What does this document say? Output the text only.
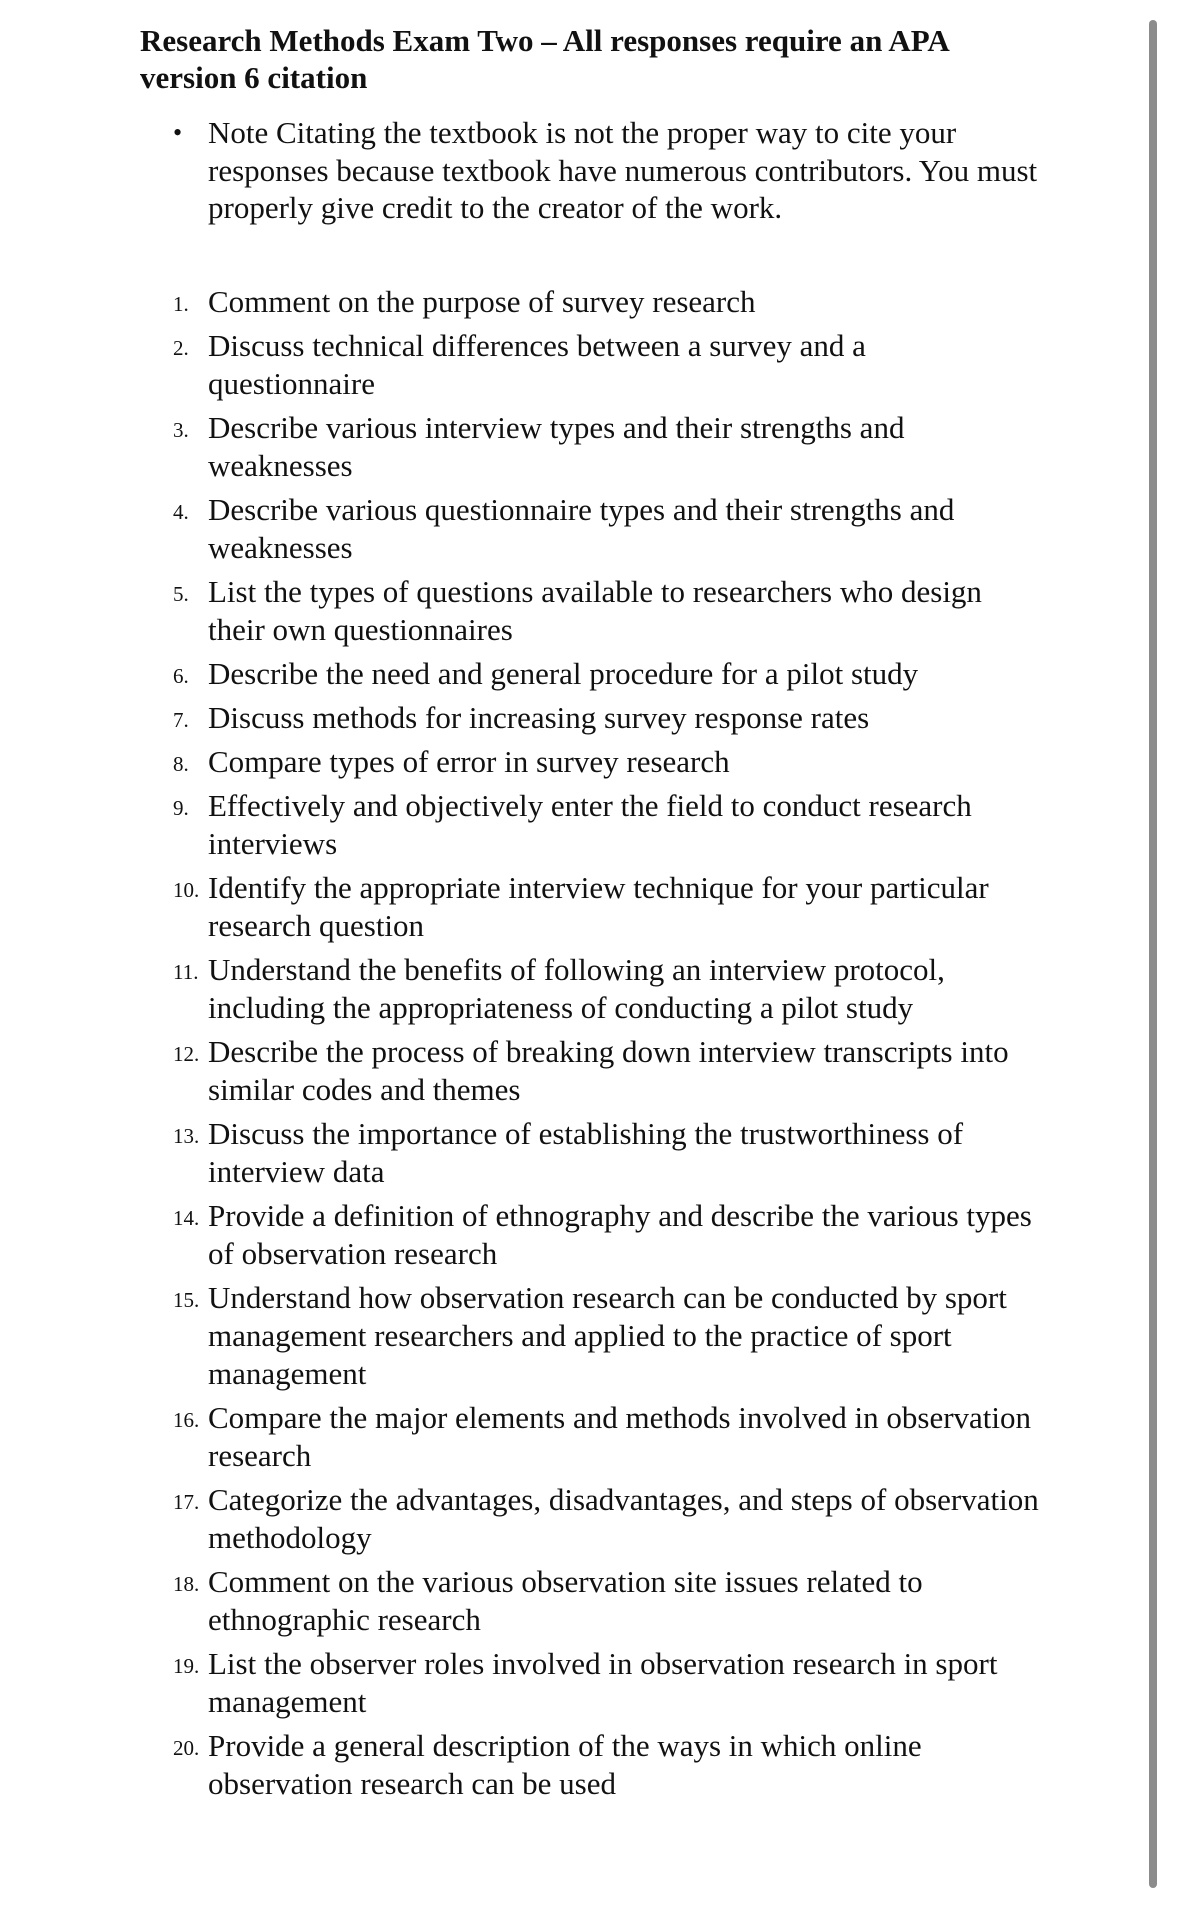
Research Methods Exam Two – All responses require an APA version 6 citation
• Note Citating the textbook is not the proper way to cite your responses because textbook have numerous contributors. You must properly give credit to the creator of the work.
1. Comment on the purpose of survey research
2. Discuss technical differences between a survey and a questionnaire
3. Describe various interview types and their strengths and weaknesses
4. Describe various questionnaire types and their strengths and weaknesses
5. List the types of questions available to researchers who design their own questionnaires
6. Describe the need and general procedure for a pilot study
7. Discuss methods for increasing survey response rates
8. Compare types of error in survey research
9. Effectively and objectively enter the field to conduct research interviews
10. Identify the appropriate interview technique for your particular research question
11. Understand the benefits of following an interview protocol, including the appropriateness of conducting a pilot study
12. Describe the process of breaking down interview transcripts into similar codes and themes
13. Discuss the importance of establishing the trustworthiness of interview data
14. Provide a definition of ethnography and describe the various types of observation research
15. Understand how observation research can be conducted by sport management researchers and applied to the practice of sport management
16. Compare the major elements and methods involved in observation research
17. Categorize the advantages, disadvantages, and steps of observation methodology
18. Comment on the various observation site issues related to ethnographic research
19. List the observer roles involved in observation research in sport management
20. Provide a general description of the ways in which online observation research can be used
